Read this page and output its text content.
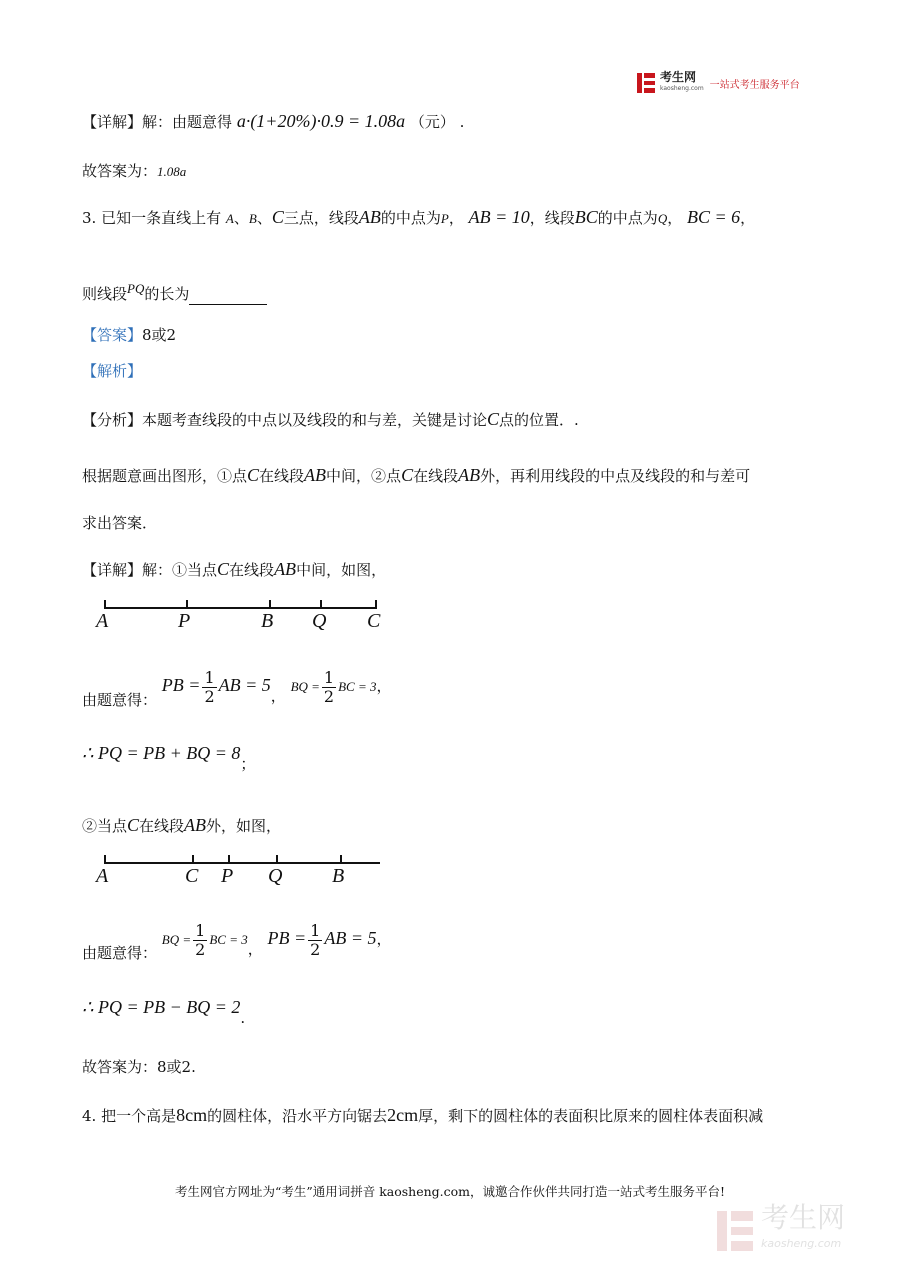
考生网
kaosheng.com 一站式考生服务平台
【详解】解：由题意得 a·(1+20%)·0.9 = 1.08a （元） .
故答案为：1.08a
3. 已知一条直线上有 A、B、C三点，线段AB的中点为P， AB = 10，线段BC的中点为Q， BC = 6，
则线段PQ的长为
【答案】8或2
【解析】
【分析】本题考查线段的中点以及线段的和与差，关键是讨论C点的位置．.
根据题意画出图形，①点C在线段AB中间，②点C在线段AB外，再利用线段的中点及线段的和与差可
求出答案．
【详解】解：①当点C在线段AB中间，如图，
A	P	B Q C
由题意得： PB = $\frac{1}{2}$ AB = 5， BQ = $\frac{1}{2}$ BC = 3，
∴ PQ = PB + BQ = 8；
②当点C在线段AB外，如图，
A	C P Q B
由题意得： BQ = $\frac{1}{2}$ BC = 3， PB = $\frac{1}{2}$ AB = 5，
∴ PQ = PB − BQ = 2.
故答案为：8或2.
4. 把一个高是8cm的圆柱体，沿水平方向锯去2cm厚，剩下的圆柱体的表面积比原来的圆柱体表面积减
考生网官方网址为“考生”通用词拼音 kaosheng.com，诚邀合作伙伴共同打造一站式考生服务平台!
考生网
kaosheng.com
